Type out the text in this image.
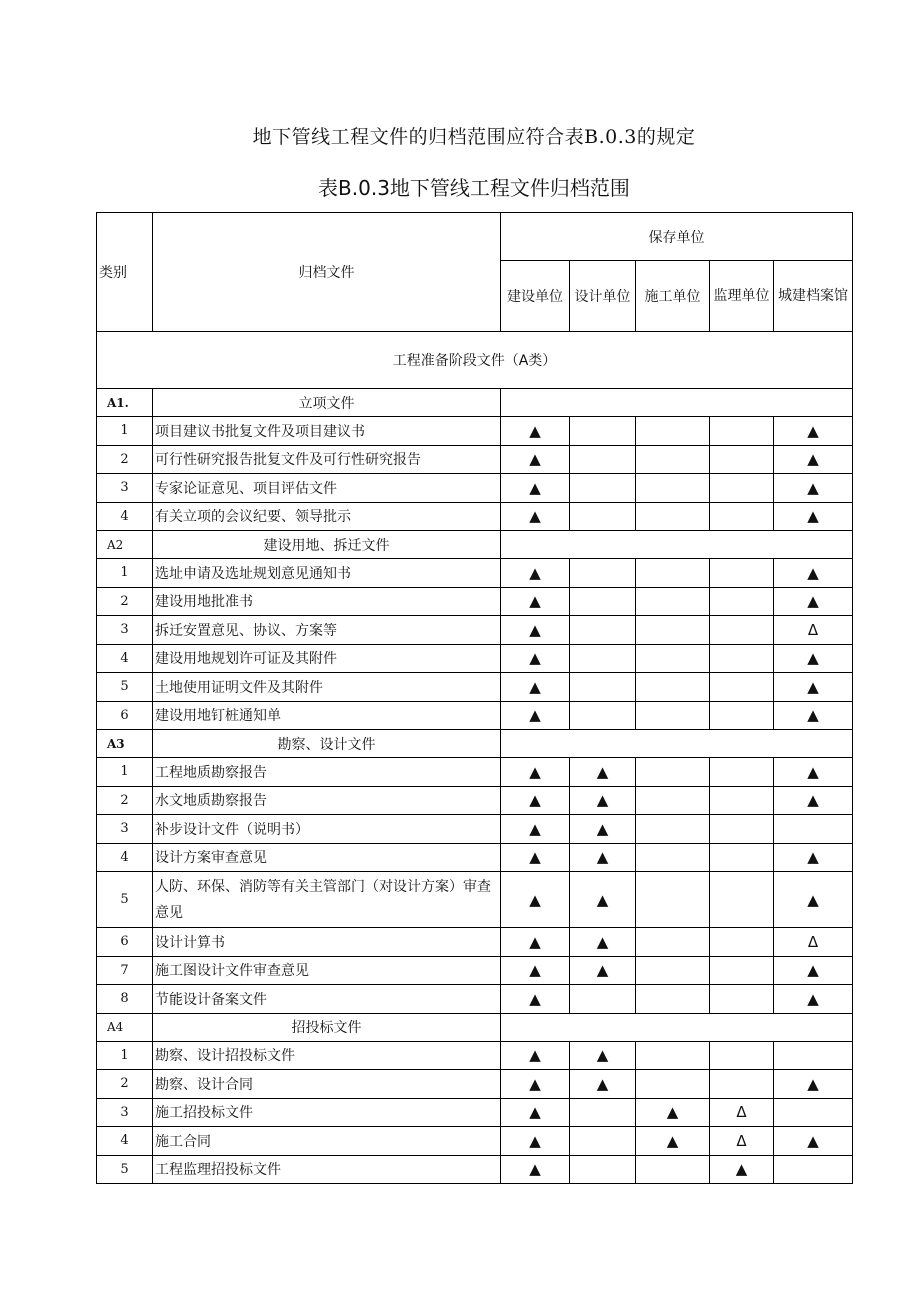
地下管线工程文件的归档范围应符合表B.0.3的规定
表B.0.3地下管线工程文件归档范围
类别	归档文件	保存单位				
		建设单位	设计单位	施工单位	监理单位	城建档案馆
工程准备阶段文件（A类）						
A1.	立项文件					
1	项目建议书批复文件及项目建议书	▲				▲
2	可行性研究报告批复文件及可行性研究报告	▲				▲
3	专家论证意见、项目评估文件	▲				▲
4	有关立项的会议纪要、领导批示	▲				▲
A2	建设用地、拆迁文件					
1	选址申请及选址规划意见通知书	▲				▲
2	建设用地批准书	▲				▲
3	拆迁安置意见、协议、方案等	▲				Δ
4	建设用地规划许可证及其附件	▲				▲
5	土地使用证明文件及其附件	▲				▲
6	建设用地钉桩通知单	▲				▲
A3	勘察、设计文件					
1	工程地质勘察报告	▲	▲			▲
2	水文地质勘察报告	▲	▲			▲
3	补步设计文件（说明书）	▲	▲			
4	设计方案审查意见	▲	▲			▲
5	人防、环保、消防等有关主管部门（对设计方案）审查意见	▲	▲			▲
6	设计计算书	▲	▲			Δ
7	施工图设计文件审查意见	▲	▲			▲
8	节能设计备案文件	▲				▲
A4	招投标文件					
1	勘察、设计招投标文件	▲	▲			
2	勘察、设计合同	▲	▲			▲
3	施工招投标文件	▲		▲	Δ	
4	施工合同	▲		▲	Δ	▲
5	工程监理招投标文件	▲			▲	
